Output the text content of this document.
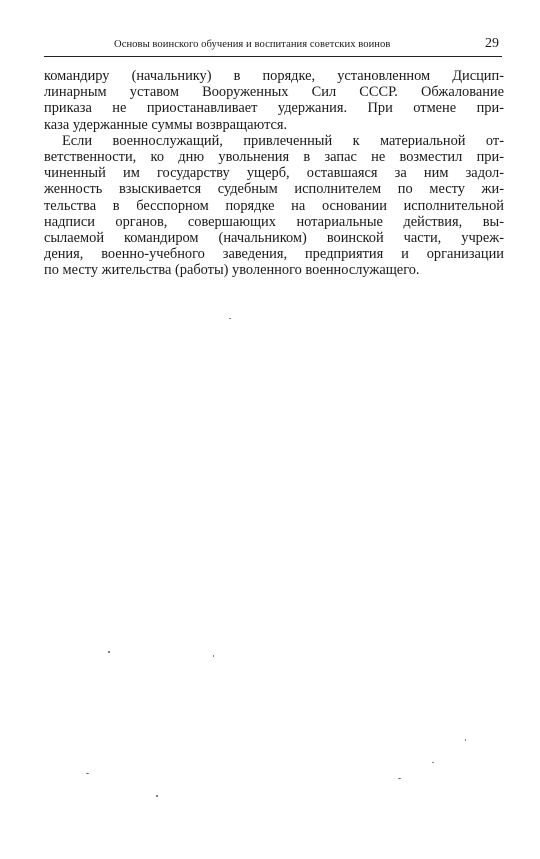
Основы воинского обучения и воспитания советских воинов	29
командиру (начальнику) в порядке, установленном Дисцип-
линарным уставом Вооруженных Сил СССР. Обжалование
приказа не приостанавливает удержания. При отмене при-
каза удержанные суммы возвращаются.
Если военнослужащий, привлеченный к материальной от-
ветственности, ко дню увольнения в запас не возместил при-
чиненный им государству ущерб, оставшаяся за ним задол-
женность взыскивается судебным исполнителем по месту жи-
тельства в бесспорном порядке на основании исполнительной
надписи органов, совершающих нотариальные действия, вы-
сылаемой командиром (начальником) воинской части, учреж-
дения, военно-учебного заведения, предприятия и организации
по месту жительства (работы) уволенного военнослужащего.
